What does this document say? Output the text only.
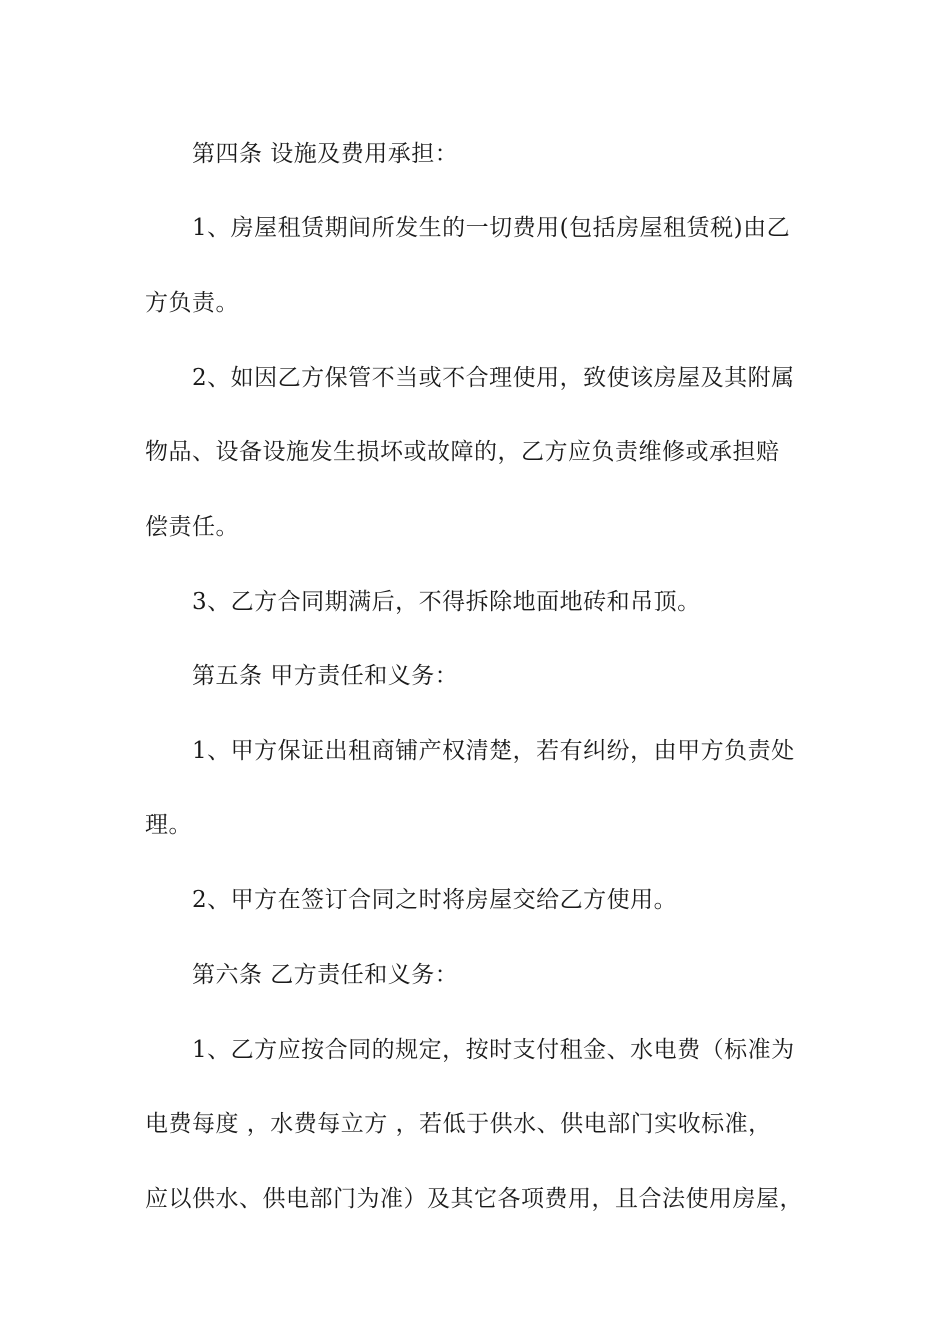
第四条 设施及费用承担：
1、房屋租赁期间所发生的一切费用(包括房屋租赁税)由乙
方负责。
2、如因乙方保管不当或不合理使用，致使该房屋及其附属
物品、设备设施发生损坏或故障的，乙方应负责维修或承担赔
偿责任。
3、乙方合同期满后，不得拆除地面地砖和吊顶。
第五条 甲方责任和义务：
1、甲方保证出租商铺产权清楚，若有纠纷，由甲方负责处
理。
2、甲方在签订合同之时将房屋交给乙方使用。
第六条 乙方责任和义务：
1、乙方应按合同的规定，按时支付租金、水电费（标准为
电费每度 ，水费每立方 ，若低于供水、供电部门实收标准，
应以供水、供电部门为准）及其它各项费用，且合法使用房屋，
